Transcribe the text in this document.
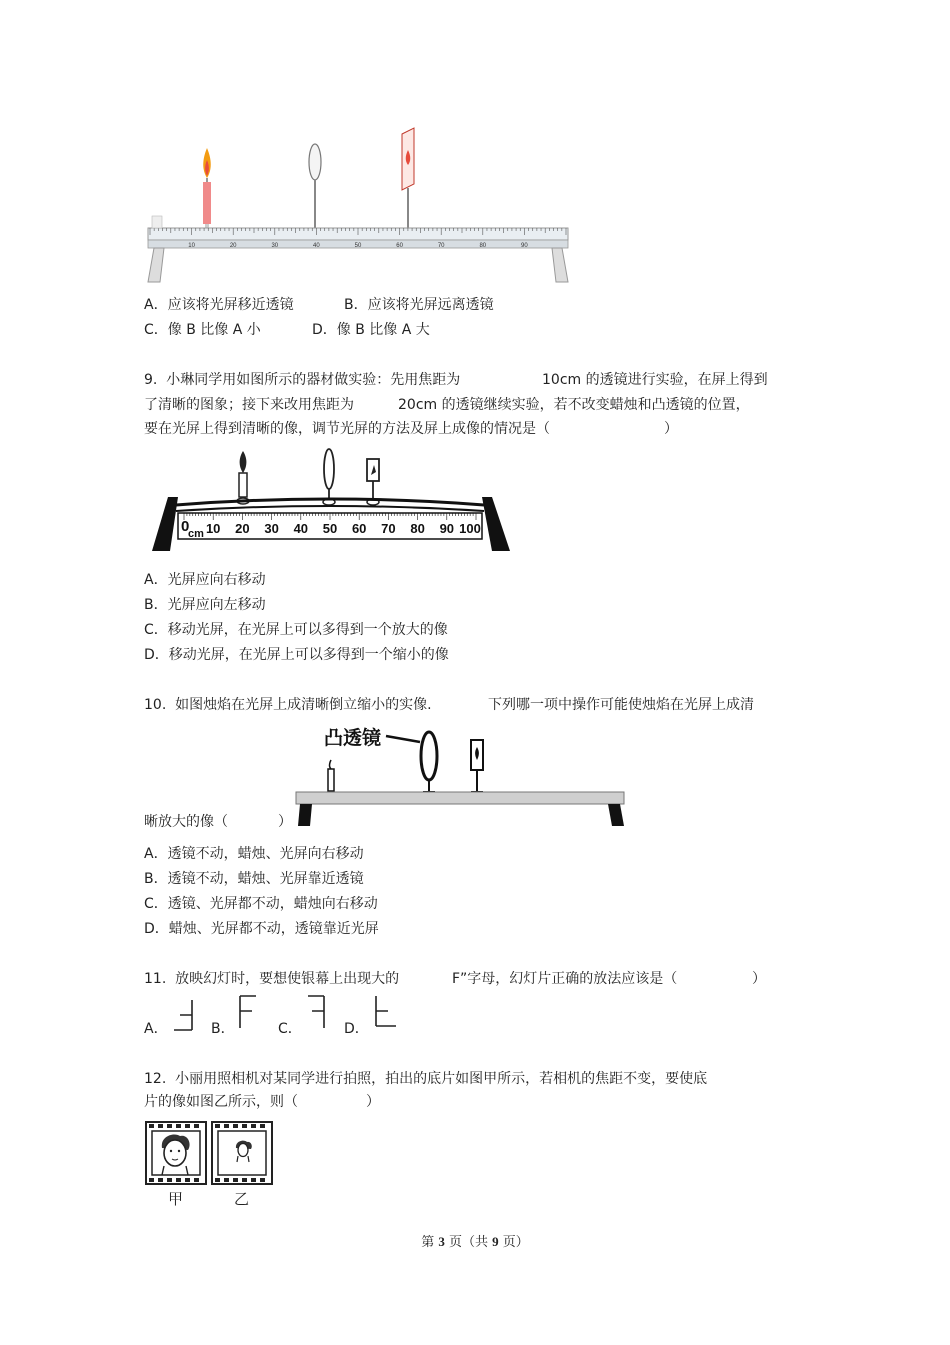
10	20	30	40	50	60	70	80	90
A．应该将光屏移近透镜	B．应该将光屏远离透镜
C．像 B 比像 A 小	D．像 B 比像 A 大
9.  小琳同学用如图所示的器材做实验：先用焦距为	10cm 的透镜进行实验，在屏上得到
了清晰的图象；接下来改用焦距为	20cm 的透镜继续实验，若不改变蜡烛和凸透镜的位置，
要在光屏上得到清晰的像，调节光屏的方法及屏上成像的情况是（	）
0
cm 10 20 30 40 50 60 70 80 90 100
A．光屏应向右移动
B．光屏应向左移动
C．移动光屏，在光屏上可以多得到一个放大的像
D．移动光屏，在光屏上可以多得到一个缩小的像
10.  如图烛焰在光屏上成清晰倒立缩小的实像.	下列哪一项中操作可能使烛焰在光屏上成清
凸透镜
晰放大的像（	）
A．透镜不动，蜡烛、光屏向右移动
B．透镜不动，蜡烛、光屏靠近透镜
C．透镜、光屏都不动，蜡烛向右移动
D．蜡烛、光屏都不动，透镜靠近光屏
11.  放映幻灯时，要想使银幕上出现大的	F”字母，幻灯片正确的放法应该是（	）
A．	B．	C．	D．
12.  小丽用照相机对某同学进行拍照，拍出的底片如图甲所示，若相机的焦距不变，要使底
片的像如图乙所示，则（	）
甲	乙
第 3 页（共 9 页）
